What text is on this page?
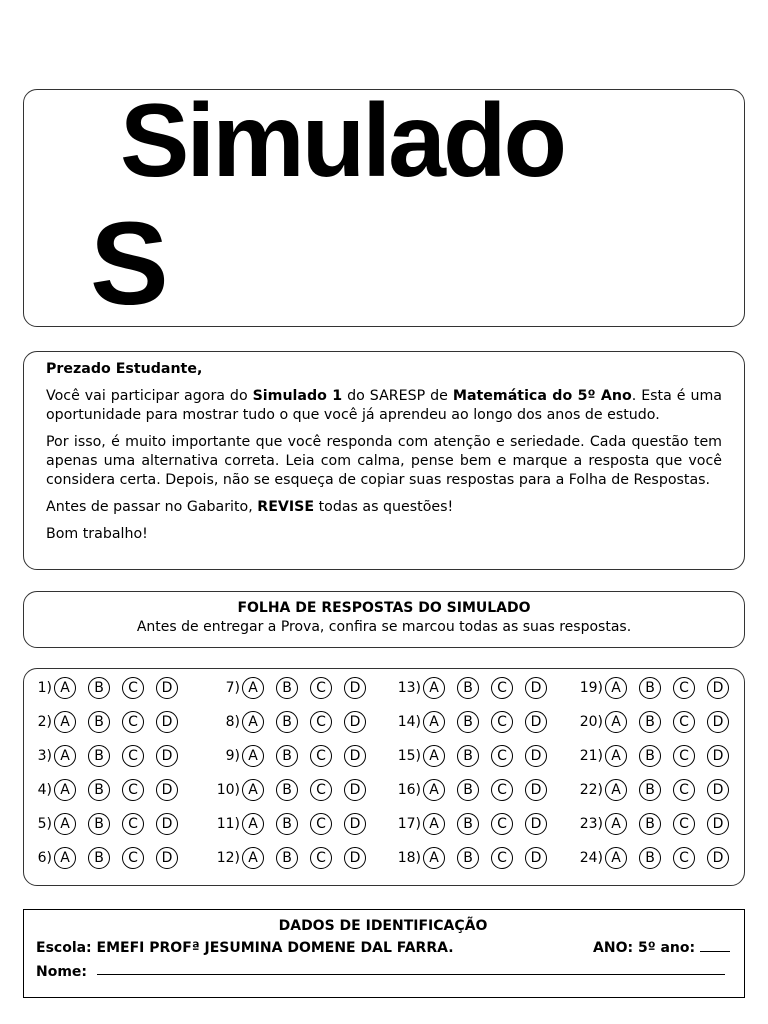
Simulado
S

Prezado Estudante,

Você vai participar agora do Simulado 1 do SARESP de Matemática do 5º Ano. Esta é uma oportunidade para mostrar tudo o que você já aprendeu ao longo dos anos de estudo.

Por isso, é muito importante que você responda com atenção e seriedade. Cada questão tem apenas uma alternativa correta. Leia com calma, pense bem e marque a resposta que você considera certa. Depois, não se esqueça de copiar suas respostas para a Folha de Respostas.

Antes de passar no Gabarito, REVISE todas as questões!

Bom trabalho!

FOLHA DE RESPOSTAS DO SIMULADO
Antes de entregar a Prova, confira se marcou todas as suas respostas.
1) A	B	C	D
2) A	B	C	D
3) A	B	C	D
4) A	B	C	D
5) A	B	C	D
6) A	B	C	D
7) A	B	C	D
8) A	B	C	D
9) A	B	C	D
10) A	B	C	D
11) A	B	C	D
12) A	B	C	D
13) A	B	C	D
14) A	B	C	D
15) A	B	C	D
16) A	B	C	D
17) A	B	C	D
18) A	B	C	D
19) A	B	C	D
20) A	B	C	D
21) A	B	C	D
22) A	B	C	D
23) A	B	C	D
24) A	B	C	D
DADOS DE IDENTIFICAÇÃO
Escola: EMEFI PROFª JESUMINA DOMENE DAL FARRA.	ANO: 5º ano:
Nome:
